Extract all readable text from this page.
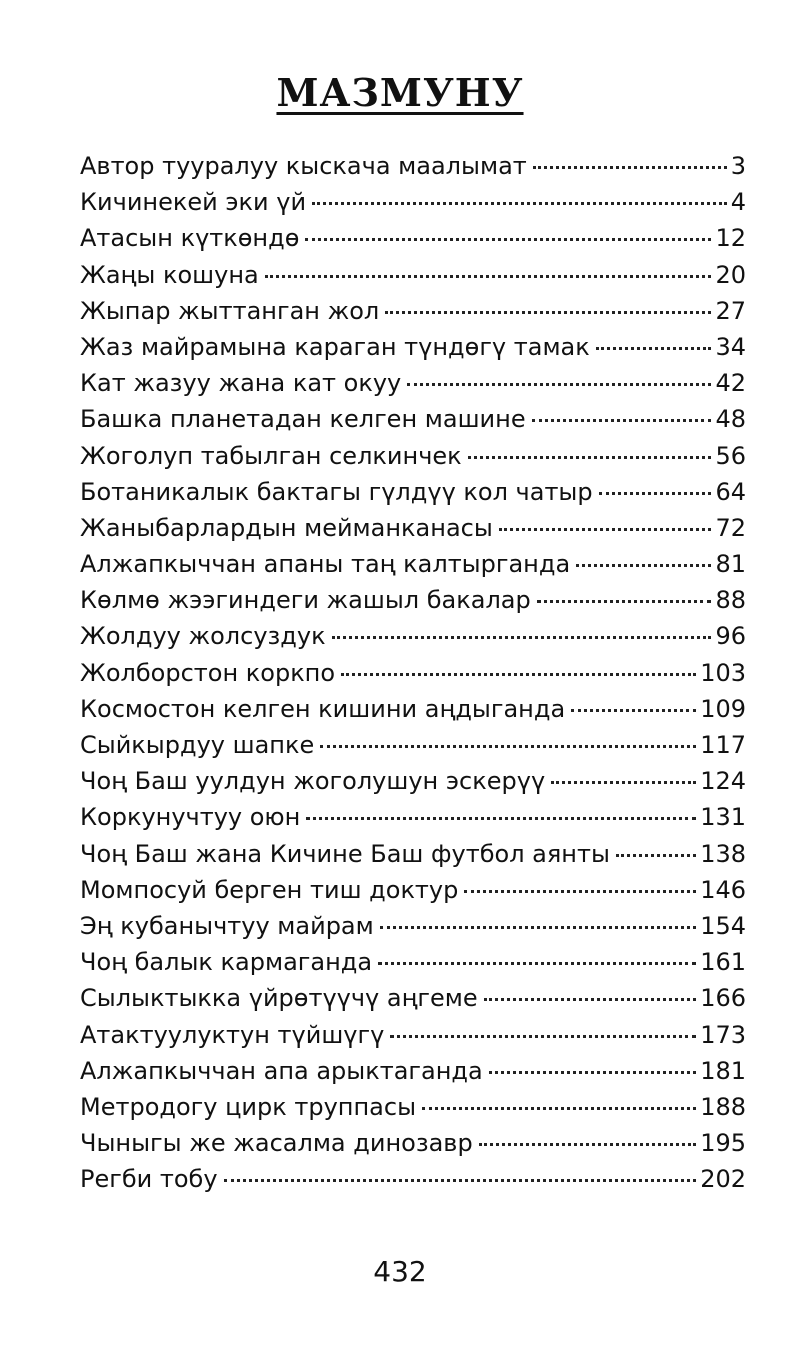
МАЗМУНУ
Автор тууралуу кыскача маалымат	3
Кичинекей эки үй	4
Атасын күткөндө	12
Жаңы кошуна	20
Жыпар жыттанган жол	27
Жаз майрамына караган түндөгү тамак	34
Кат жазуу жана кат окуу	42
Башка планетадан келген машине	48
Жоголуп табылган селкинчек	56
Ботаникалык бактагы гүлдүү кол чатыр	64
Жаныбарлардын мейманканасы	72
Алжапкыччан апаны таң калтырганда	81
Көлмө жээгиндеги жашыл бакалар	88
Жолдуу жолсуздук	96
Жолборстон коркпо	103
Космостон келген кишини аңдыганда	109
Сыйкырдуу шапке	117
Чоң Баш уулдун жоголушун эскерүү	124
Коркунучтуу оюн	131
Чоң Баш жана Кичине Баш футбол аянты	138
Момпосуй берген тиш доктур	146
Эң кубанычтуу майрам	154
Чоң балык кармаганда	161
Сылыктыкка үйрөтүүчү аңгеме	166
Атактуулуктун түйшүгү	173
Алжапкыччан апа арыктаганда	181
Метродогу цирк труппасы	188
Чыныгы же жасалма динозавр	195
Регби тобу	202
432
